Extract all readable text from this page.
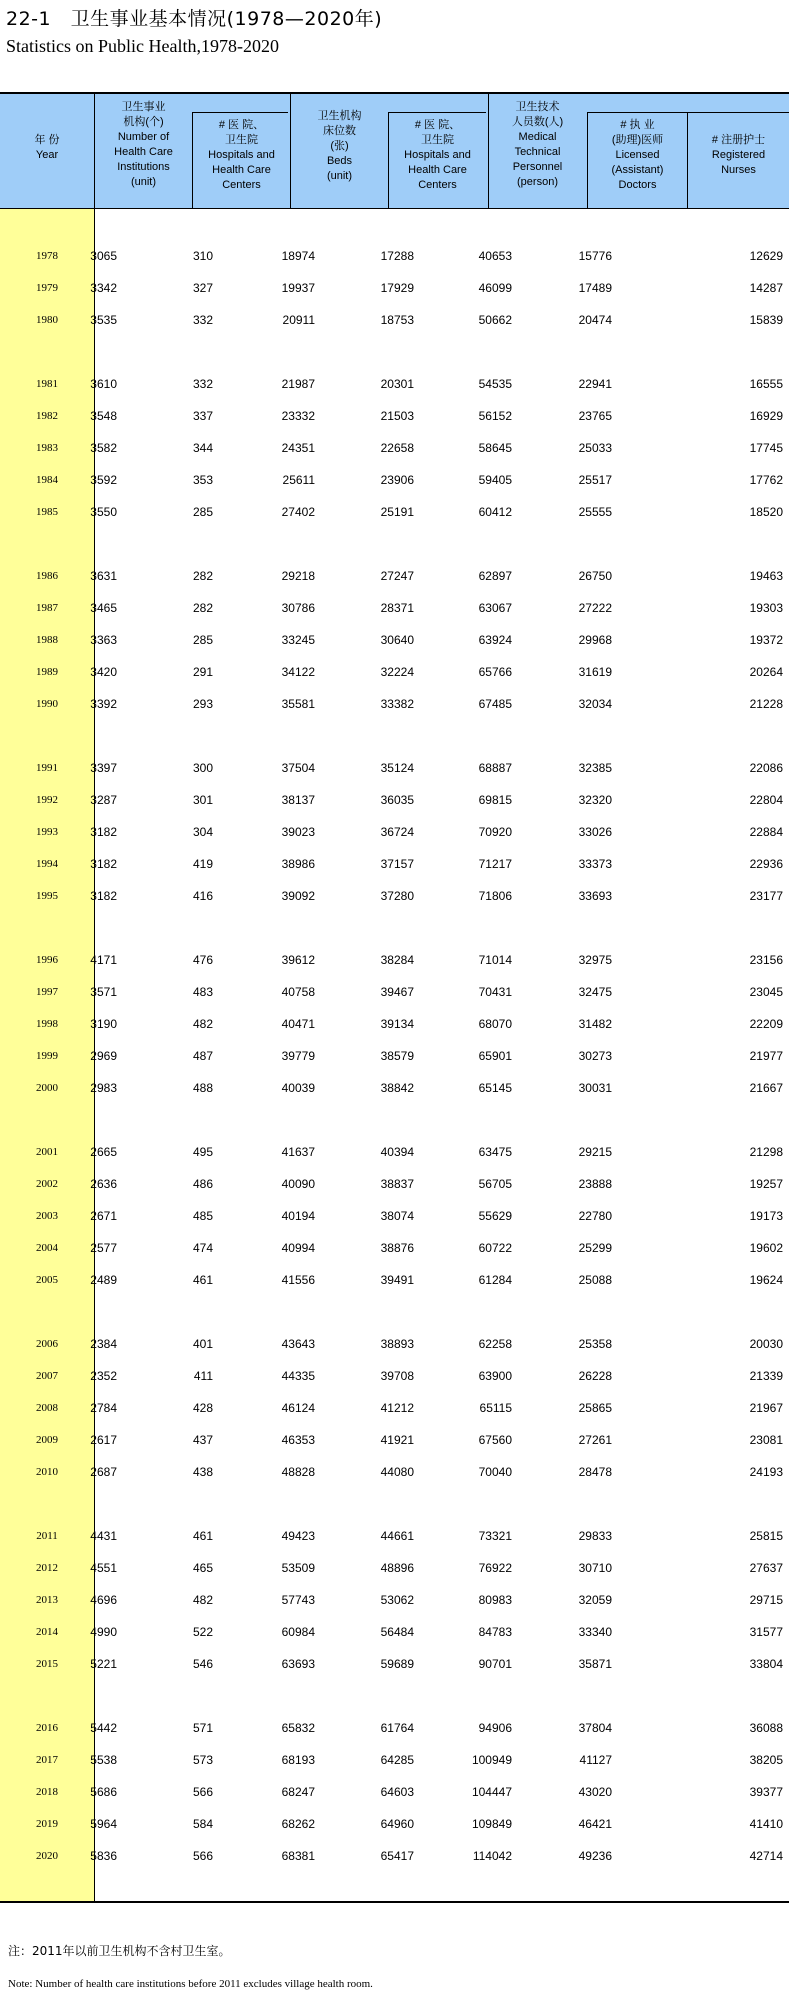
22-1　卫生事业基本情况(1978—2020年)
Statistics on Public Health,1978-2020
年 份
Year
卫生事业
机构(个)
Number of
Health Care
Institutions
(unit)
# 医 院、
卫生院
Hospitals and
Health Care
Centers
卫生机构
床位数
(张)
Beds
(unit)
# 医 院、
卫生院
Hospitals and
Health Care
Centers
卫生技术
人员数(人)
Medical
Technical
Personnel
(person)
# 执 业
(助理)医师
Licensed
(Assistant)
Doctors
# 注册护士
Registered
Nurses
1978	3065	310	18974	17288	40653	15776	12629
1979	3342	327	19937	17929	46099	17489	14287
1980	3535	332	20911	18753	50662	20474	15839
1981	3610	332	21987	20301	54535	22941	16555
1982	3548	337	23332	21503	56152	23765	16929
1983	3582	344	24351	22658	58645	25033	17745
1984	3592	353	25611	23906	59405	25517	17762
1985	3550	285	27402	25191	60412	25555	18520
1986	3631	282	29218	27247	62897	26750	19463
1987	3465	282	30786	28371	63067	27222	19303
1988	3363	285	33245	30640	63924	29968	19372
1989	3420	291	34122	32224	65766	31619	20264
1990	3392	293	35581	33382	67485	32034	21228
1991	3397	300	37504	35124	68887	32385	22086
1992	3287	301	38137	36035	69815	32320	22804
1993	3182	304	39023	36724	70920	33026	22884
1994	3182	419	38986	37157	71217	33373	22936
1995	3182	416	39092	37280	71806	33693	23177
1996	4171	476	39612	38284	71014	32975	23156
1997	3571	483	40758	39467	70431	32475	23045
1998	3190	482	40471	39134	68070	31482	22209
1999	2969	487	39779	38579	65901	30273	21977
2000	2983	488	40039	38842	65145	30031	21667
2001	2665	495	41637	40394	63475	29215	21298
2002	2636	486	40090	38837	56705	23888	19257
2003	2671	485	40194	38074	55629	22780	19173
2004	2577	474	40994	38876	60722	25299	19602
2005	2489	461	41556	39491	61284	25088	19624
2006	2384	401	43643	38893	62258	25358	20030
2007	2352	411	44335	39708	63900	26228	21339
2008	2784	428	46124	41212	65115	25865	21967
2009	2617	437	46353	41921	67560	27261	23081
2010	2687	438	48828	44080	70040	28478	24193
2011	4431	461	49423	44661	73321	29833	25815
2012	4551	465	53509	48896	76922	30710	27637
2013	4696	482	57743	53062	80983	32059	29715
2014	4990	522	60984	56484	84783	33340	31577
2015	5221	546	63693	59689	90701	35871	33804
2016	5442	571	65832	61764	94906	37804	36088
2017	5538	573	68193	64285	100949	41127	38205
2018	5686	566	68247	64603	104447	43020	39377
2019	5964	584	68262	64960	109849	46421	41410
2020	5836	566	68381	65417	114042	49236	42714
注：2011年以前卫生机构不含村卫生室。
Note: Number of health care institutions before 2011 excludes village health room.
